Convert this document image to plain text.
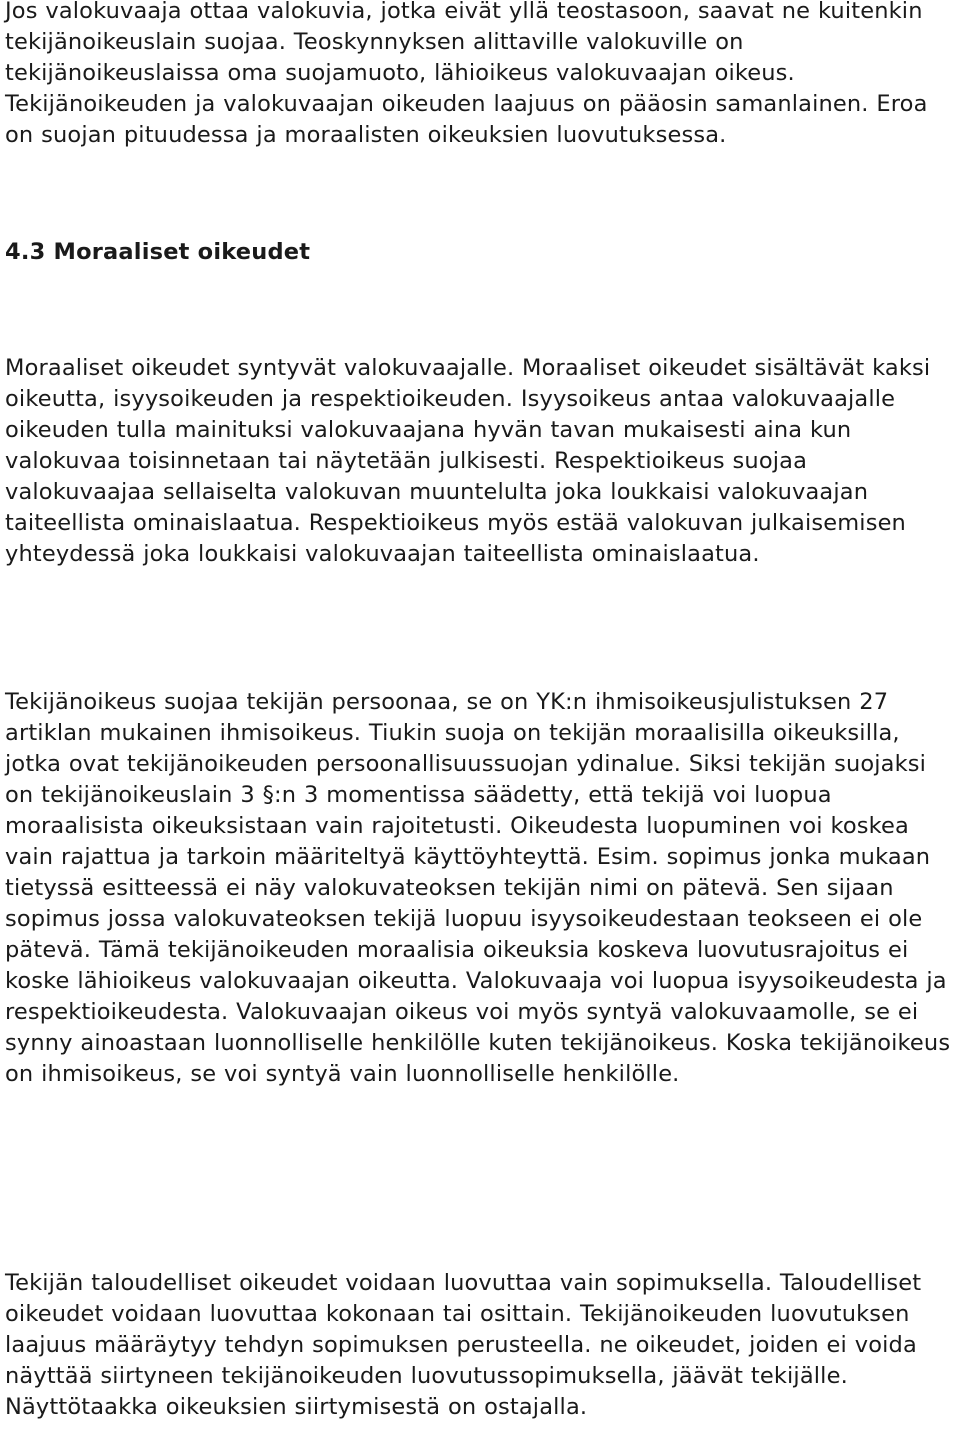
Jos valokuvaaja ottaa valokuvia, jotka eivät yllä teostasoon, saavat ne kuitenkin tekijänoikeuslain suojaa. Teoskynnyksen alittaville valokuville on tekijänoikeuslaissa oma suojamuoto, lähioikeus valokuvaajan oikeus. Tekijänoikeuden ja valokuvaajan oikeuden laajuus on pääosin samanlainen. Eroa on suojan pituudessa ja moraalisten oikeuksien luovutuksessa.

4.3 Moraaliset oikeudet

Moraaliset oikeudet syntyvät valokuvaajalle. Moraaliset oikeudet sisältävät kaksi oikeutta, isyysoikeuden ja respektioikeuden. Isyysoikeus antaa valokuvaajalle oikeuden tulla mainituksi valokuvaajana hyvän tavan mukaisesti aina kun valokuvaa toisinnetaan tai näytetään julkisesti. Respektioikeus suojaa valokuvaajaa sellaiselta valokuvan muuntelulta joka loukkaisi valokuvaajan taiteellista ominaislaatua. Respektioikeus myös estää valokuvan julkaisemisen yhteydessä joka loukkaisi valokuvaajan taiteellista ominaislaatua.

Tekijänoikeus suojaa tekijän persoonaa, se on YK:n ihmisoikeusjulistuksen 27 artiklan mukainen ihmisoikeus. Tiukin suoja on tekijän moraalisilla oikeuksilla, jotka ovat tekijänoikeuden persoonallisuussuojan ydinalue. Siksi tekijän suojaksi on tekijänoikeuslain 3 §:n 3 momentissa säädetty, että tekijä voi luopua moraalisista oikeuksistaan vain rajoitetusti. Oikeudesta luopuminen voi koskea vain rajattua ja tarkoin määriteltyä käyttöyhteyttä. Esim. sopimus jonka mukaan tietyssä esitteessä ei näy valokuvateoksen tekijän nimi on pätevä. Sen sijaan sopimus jossa valokuvateoksen tekijä luopuu isyysoikeudestaan teokseen ei ole pätevä. Tämä tekijänoikeuden moraalisia oikeuksia koskeva luovutusrajoitus ei koske lähioikeus valokuvaajan oikeutta. Valokuvaaja voi luopua isyysoikeudesta ja respektioikeudesta. Valokuvaajan oikeus voi myös syntyä valokuvaamolle, se ei synny ainoastaan luonnolliselle henkilölle kuten tekijänoikeus. Koska tekijänoikeus on ihmisoikeus, se voi syntyä vain luonnolliselle henkilölle.

Tekijän taloudelliset oikeudet voidaan luovuttaa vain sopimuksella. Taloudelliset oikeudet voidaan luovuttaa kokonaan tai osittain. Tekijänoikeuden luovutuksen laajuus määräytyy tehdyn sopimuksen perusteella. ne oikeudet, joiden ei voida näyttää siirtyneen tekijänoikeuden luovutussopimuksella, jäävät tekijälle. Näyttötaakka oikeuksien siirtymisestä on ostajalla.
